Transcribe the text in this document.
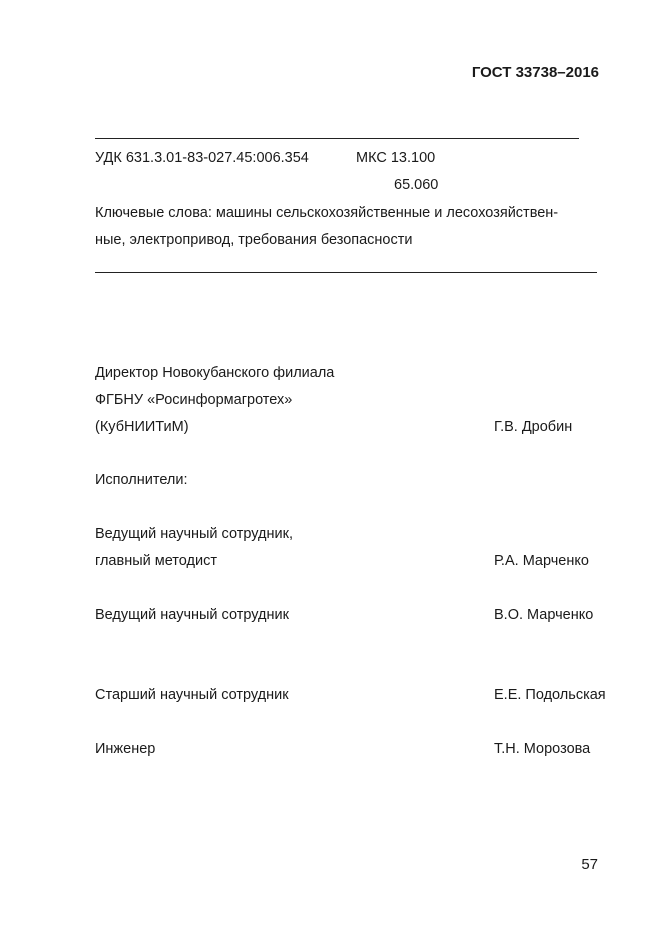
ГОСТ 33738–2016
УДК 631.3.01-83-027.45:006.354	МКС 13.100
65.060
Ключевые слова: машины сельскохозяйственные и лесохозяйствен-
ные, электропривод, требования безопасности
Директор Новокубанского филиала
ФГБНУ «Росинформагротех»
(КубНИИТиМ)	Г.В. Дробин
Исполнители:
Ведущий научный сотрудник,
главный методист	Р.А. Марченко
Ведущий научный сотрудник	В.О. Марченко
Старший научный сотрудник	Е.Е. Подольская
Инженер	Т.Н. Морозова
57
